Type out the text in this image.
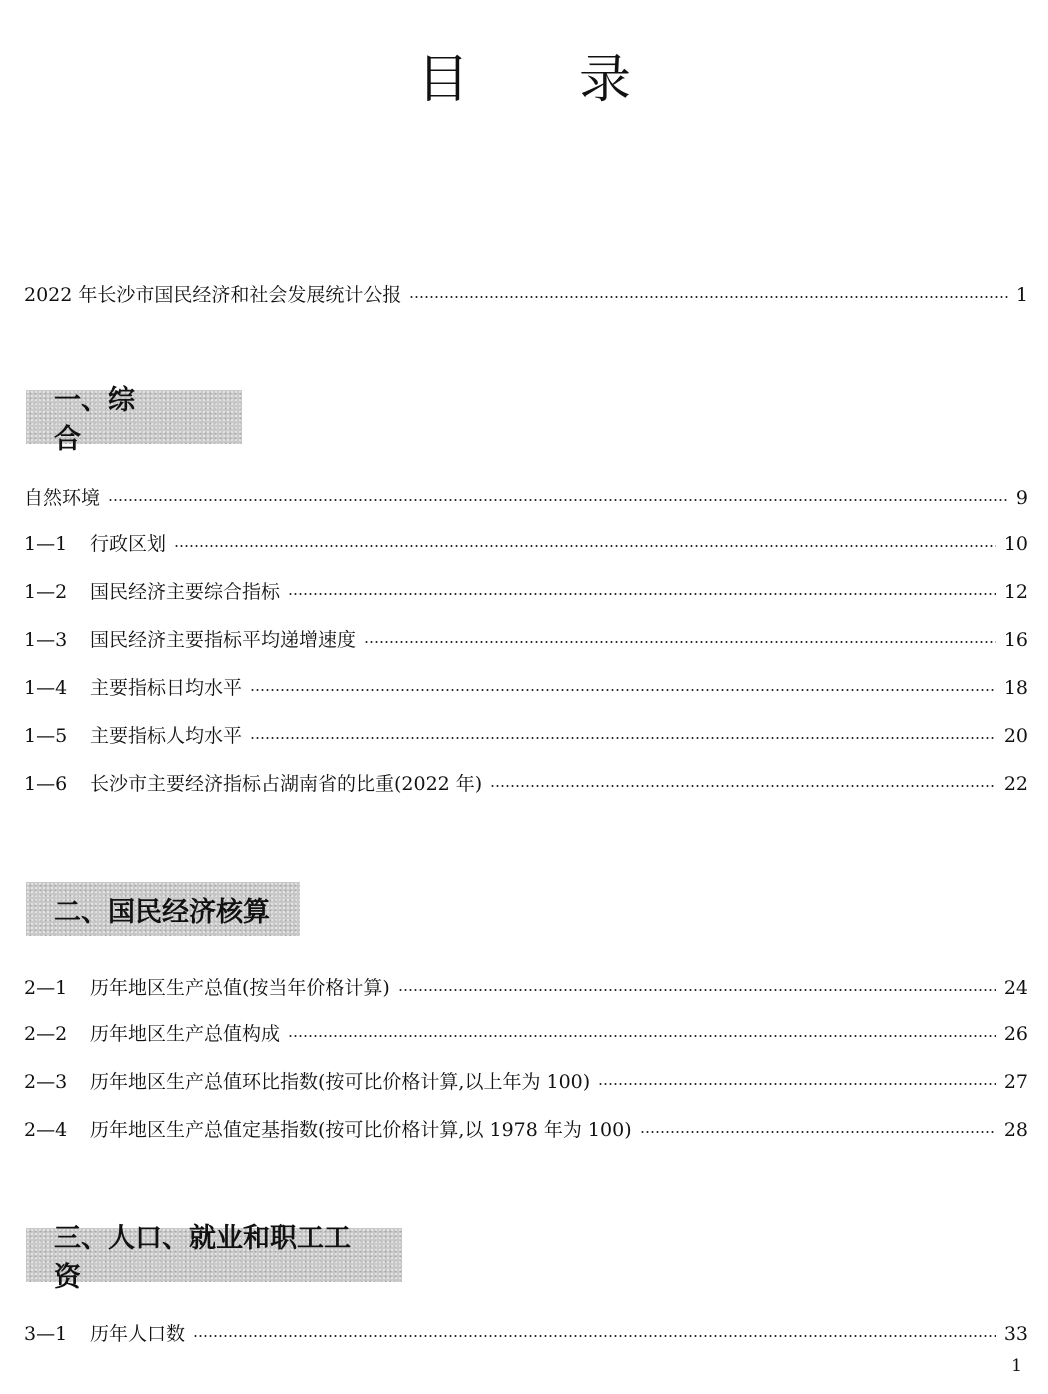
目 录
2022 年长沙市国民经济和社会发展统计公报	1
一、综　　　合
自然环境	9
1—1	行政区划	10
1—2	国民经济主要综合指标	12
1—3	国民经济主要指标平均递增速度	16
1—4	主要指标日均水平	18
1—5	主要指标人均水平	20
1—6	长沙市主要经济指标占湖南省的比重(2022 年)	22
二、国民经济核算
2—1	历年地区生产总值(按当年价格计算)	24
2—2	历年地区生产总值构成	26
2—3	历年地区生产总值环比指数(按可比价格计算,以上年为 100)	27
2—4	历年地区生产总值定基指数(按可比价格计算,以 1978 年为 100)	28
三、人口、就业和职工工资
3—1	历年人口数	33
1
